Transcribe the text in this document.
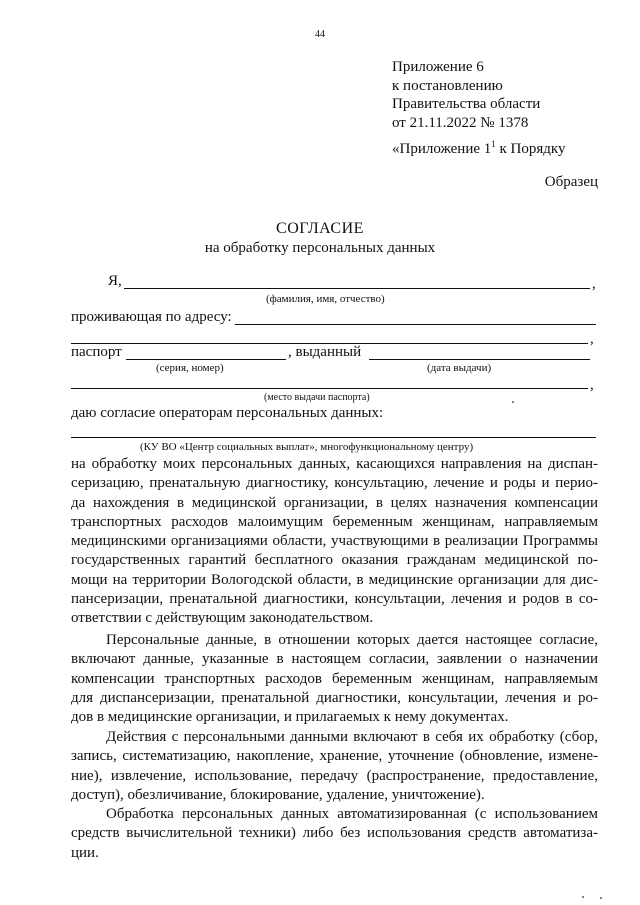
44
Приложение 6
к постановлению
Правительства области
от 21.11.2022 № 1378
«Приложение $1^1$ к Порядку
Образец
СОГЛАСИЕ
на обработку персональных данных
Я,	,
(фамилия, имя, отчество)
проживающая по адресу:
,
паспорт	, выданный
(серия, номер)	(дата выдачи)
,
(место выдачи паспорта)
даю согласие операторам персональных данных:
(КУ ВО «Центр социальных выплат», многофункциональному центру)
на обработку моих персональных данных, касающихся направления на диспан-
серизацию, пренатальную диагностику, консультацию, лечение и роды и перио-
да нахождения в медицинской организации, в целях назначения компенсации
транспортных расходов малоимущим беременным женщинам, направляемым
медицинскими организациями области, участвующими в реализации Программы
государственных гарантий бесплатного оказания гражданам медицинской по-
мощи на территории Вологодской области, в медицинские организации для дис-
пансеризации, пренатальной диагностики, консультации, лечения и родов в со-
ответствии с действующим законодательством.
Персональные данные, в отношении которых дается настоящее согласие,
включают данные, указанные в настоящем согласии, заявлении о назначении
компенсации транспортных расходов беременным женщинам, направляемым
для диспансеризации, пренатальной диагностики, консультации, лечения и ро-
дов в медицинские организации, и прилагаемых к нему документах.
Действия с персональными данными включают в себя их обработку (сбор,
запись, систематизацию, накопление, хранение, уточнение (обновление, измене-
ние), извлечение, использование, передачу (распространение, предоставление,
доступ), обезличивание, блокирование, удаление, уничтожение).
Обработка персональных данных автоматизированная (с использованием
средств вычислительной техники) либо без использования средств автоматиза-
ции.
